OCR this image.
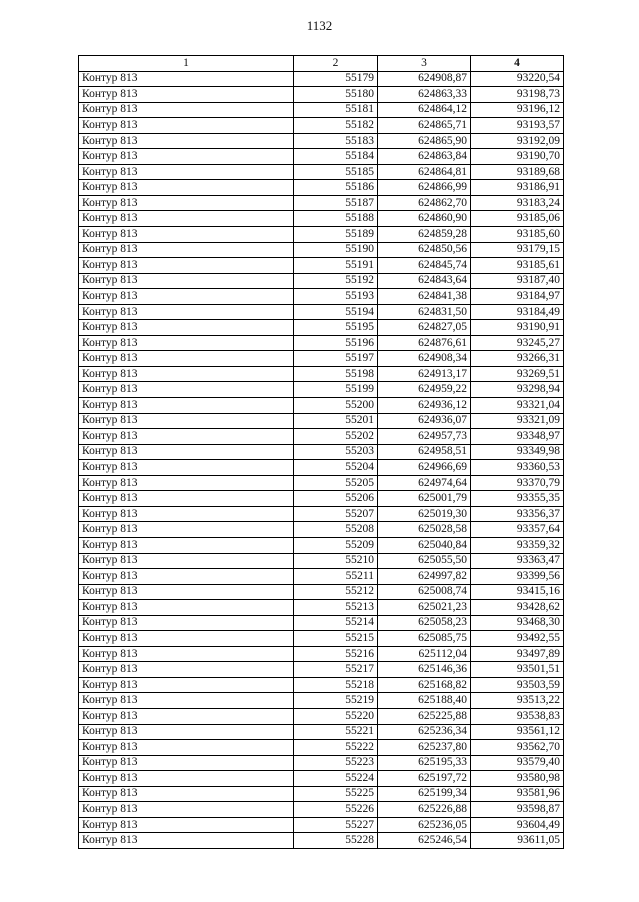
1132
1	2	3	4
Контур 813	55179	624908,87	93220,54
Контур 813	55180	624863,33	93198,73
Контур 813	55181	624864,12	93196,12
Контур 813	55182	624865,71	93193,57
Контур 813	55183	624865,90	93192,09
Контур 813	55184	624863,84	93190,70
Контур 813	55185	624864,81	93189,68
Контур 813	55186	624866,99	93186,91
Контур 813	55187	624862,70	93183,24
Контур 813	55188	624860,90	93185,06
Контур 813	55189	624859,28	93185,60
Контур 813	55190	624850,56	93179,15
Контур 813	55191	624845,74	93185,61
Контур 813	55192	624843,64	93187,40
Контур 813	55193	624841,38	93184,97
Контур 813	55194	624831,50	93184,49
Контур 813	55195	624827,05	93190,91
Контур 813	55196	624876,61	93245,27
Контур 813	55197	624908,34	93266,31
Контур 813	55198	624913,17	93269,51
Контур 813	55199	624959,22	93298,94
Контур 813	55200	624936,12	93321,04
Контур 813	55201	624936,07	93321,09
Контур 813	55202	624957,73	93348,97
Контур 813	55203	624958,51	93349,98
Контур 813	55204	624966,69	93360,53
Контур 813	55205	624974,64	93370,79
Контур 813	55206	625001,79	93355,35
Контур 813	55207	625019,30	93356,37
Контур 813	55208	625028,58	93357,64
Контур 813	55209	625040,84	93359,32
Контур 813	55210	625055,50	93363,47
Контур 813	55211	624997,82	93399,56
Контур 813	55212	625008,74	93415,16
Контур 813	55213	625021,23	93428,62
Контур 813	55214	625058,23	93468,30
Контур 813	55215	625085,75	93492,55
Контур 813	55216	625112,04	93497,89
Контур 813	55217	625146,36	93501,51
Контур 813	55218	625168,82	93503,59
Контур 813	55219	625188,40	93513,22
Контур 813	55220	625225,88	93538,83
Контур 813	55221	625236,34	93561,12
Контур 813	55222	625237,80	93562,70
Контур 813	55223	625195,33	93579,40
Контур 813	55224	625197,72	93580,98
Контур 813	55225	625199,34	93581,96
Контур 813	55226	625226,88	93598,87
Контур 813	55227	625236,05	93604,49
Контур 813	55228	625246,54	93611,05
